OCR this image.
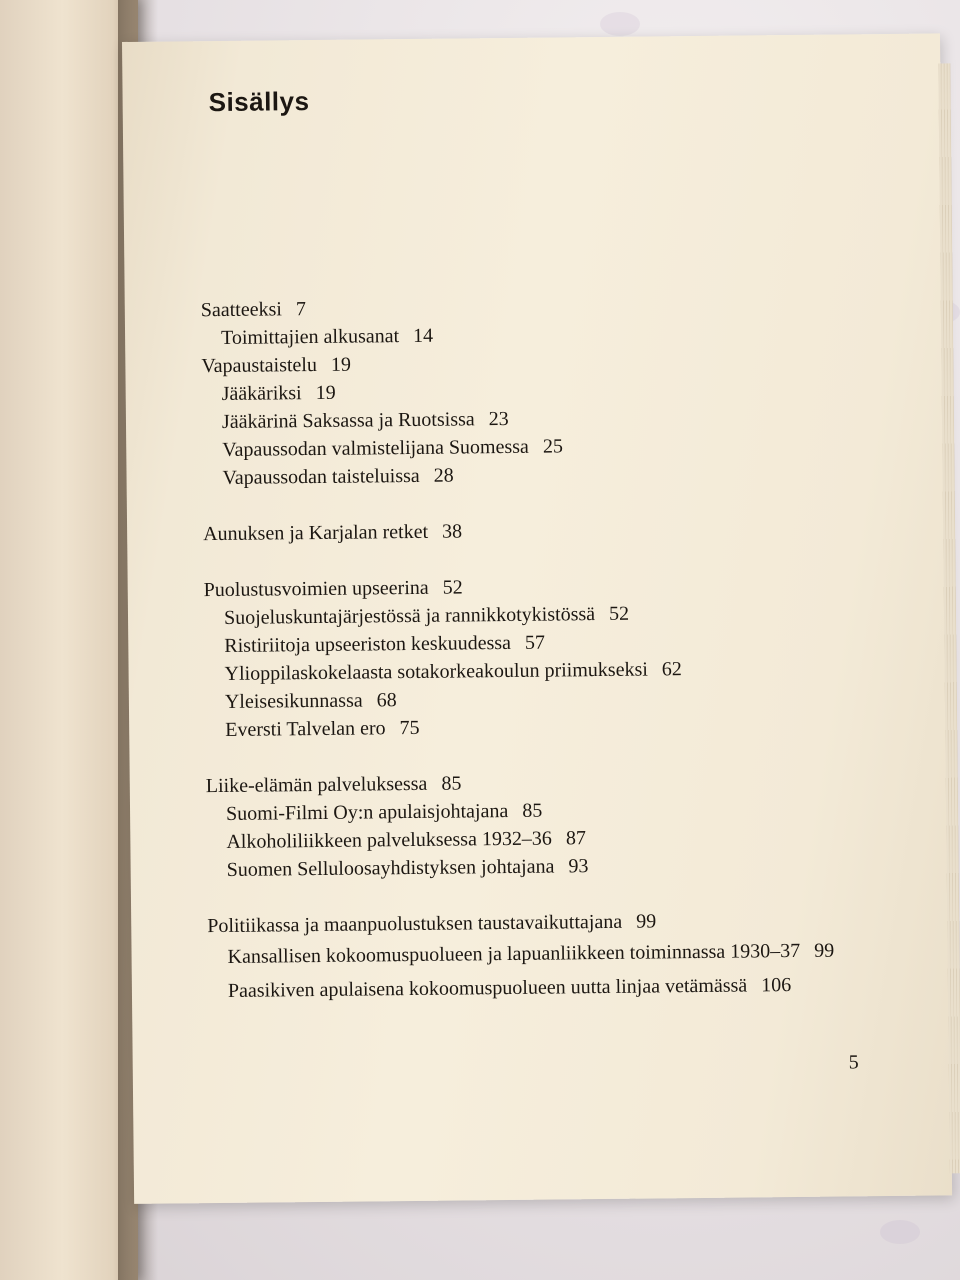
Sisällys
Saatteeksi 7
Toimittajien alkusanat 14
Vapaustaistelu 19
Jääkäriksi 19
Jääkärinä Saksassa ja Ruotsissa 23
Vapaussodan valmistelijana Suomessa 25
Vapaussodan taisteluissa 28
Aunuksen ja Karjalan retket 38
Puolustusvoimien upseerina 52
Suojeluskuntajärjestössä ja rannikkotykistössä 52
Ristiriitoja upseeriston keskuudessa 57
Ylioppilaskokelaasta sotakorkeakoulun priimukseksi 62
Yleisesikunnassa 68
Eversti Talvelan ero 75
Liike-elämän palveluksessa 85
Suomi-Filmi Oy:n apulaisjohtajana 85
Alkoholiliikkeen palveluksessa 1932–36 87
Suomen Selluloosayhdistyksen johtajana 93
Politiikassa ja maanpuolustuksen taustavaikuttajana 99
Kansallisen kokoomuspuolueen ja lapuanliikkeen toiminnassa 1930–37 99
Paasikiven apulaisena kokoomuspuolueen uutta linjaa vetämässä 106
5
